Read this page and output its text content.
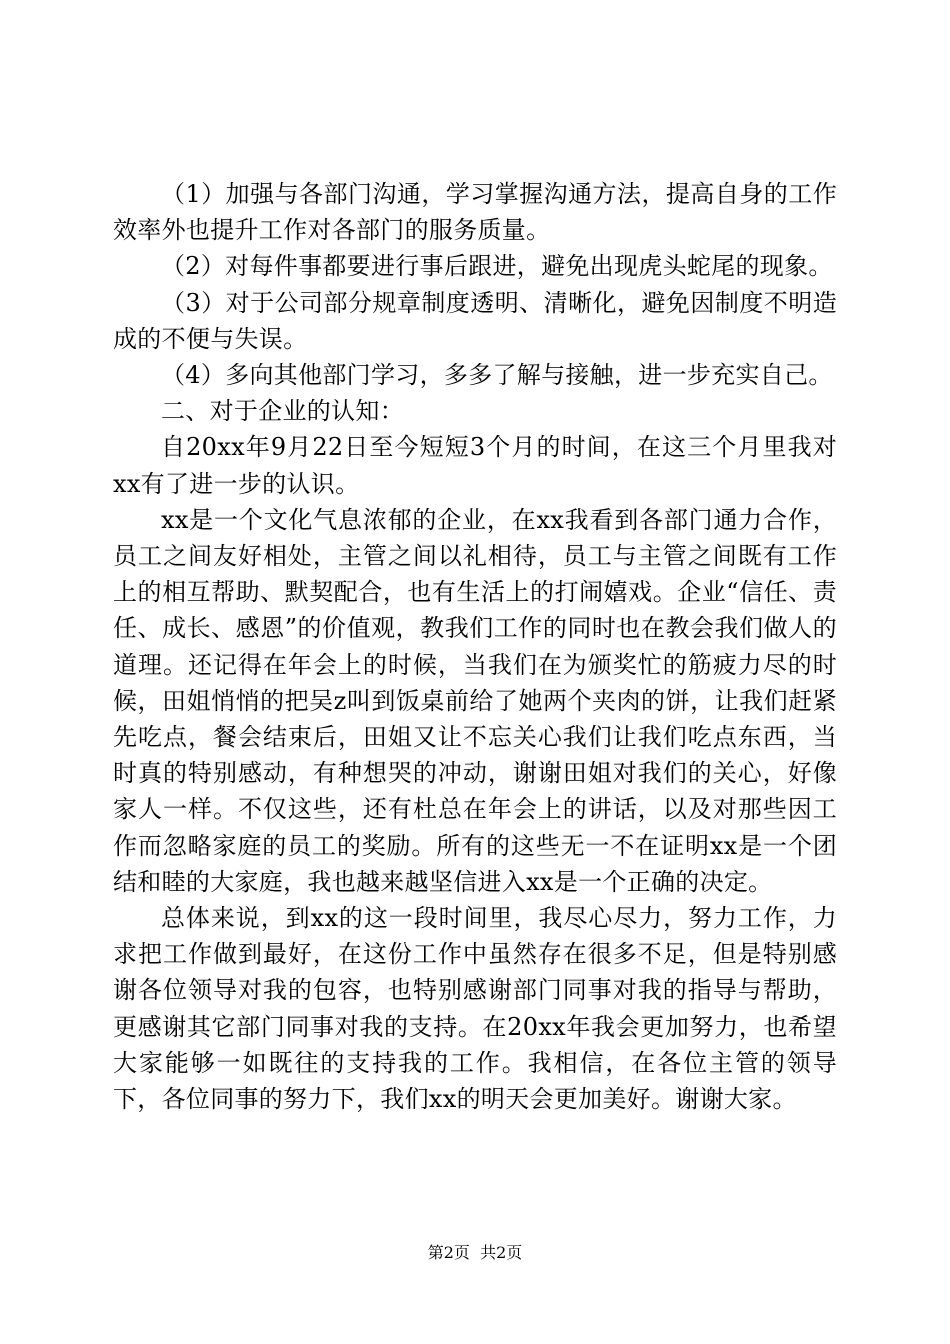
（1）加强与各部门沟通，学习掌握沟通方法，提高自身的工作效率外也提升工作对各部门的服务质量。

（2）对每件事都要进行事后跟进，避免出现虎头蛇尾的现象。

（3）对于公司部分规章制度透明、清晰化，避免因制度不明造成的不便与失误。

（4）多向其他部门学习，多多了解与接触，进一步充实自己。

二、对于企业的认知：

自20xx年9月22日至今短短3个月的时间，在这三个月里我对xx有了进一步的认识。

xx是一个文化气息浓郁的企业，在xx我看到各部门通力合作，员工之间友好相处，主管之间以礼相待，员工与主管之间既有工作上的相互帮助、默契配合，也有生活上的打闹嬉戏。企业“信任、责任、成长、感恩”的价值观，教我们工作的同时也在教会我们做人的道理。还记得在年会上的时候，当我们在为颁奖忙的筋疲力尽的时候，田姐悄悄的把吴z叫到饭桌前给了她两个夹肉的饼，让我们赶紧先吃点，餐会结束后，田姐又让不忘关心我们让我们吃点东西，当时真的特别感动，有种想哭的冲动，谢谢田姐对我们的关心，好像家人一样。不仅这些，还有杜总在年会上的讲话，以及对那些因工作而忽略家庭的员工的奖励。所有的这些无一不在证明xx是一个团结和睦的大家庭，我也越来越坚信进入xx是一个正确的决定。

总体来说，到xx的这一段时间里，我尽心尽力，努力工作，力求把工作做到最好，在这份工作中虽然存在很多不足，但是特别感谢各位领导对我的包容，也特别感谢部门同事对我的指导与帮助，更感谢其它部门同事对我的支持。在20xx年我会更加努力，也希望大家能够一如既往的支持我的工作。我相信，在各位主管的领导下，各位同事的努力下，我们xx的明天会更加美好。谢谢大家。

第2页  共2页
